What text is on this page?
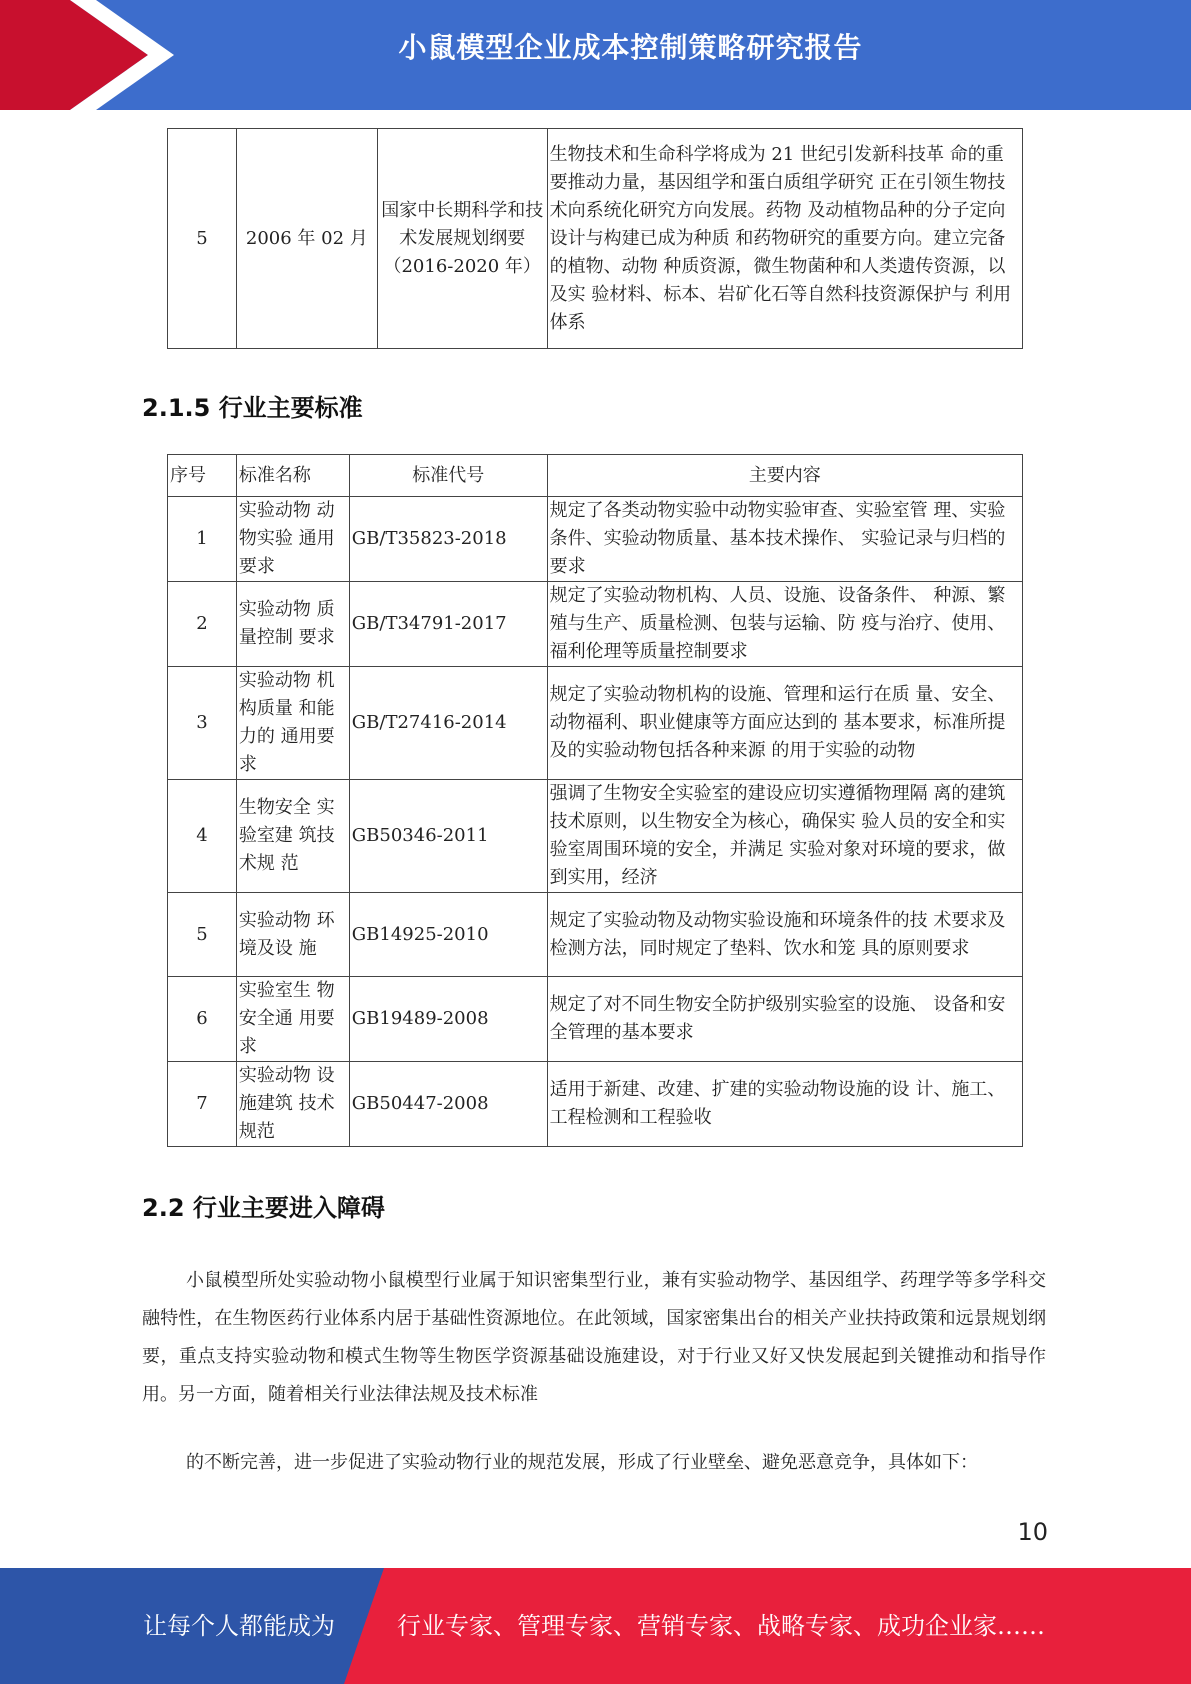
小鼠模型企业成本控制策略研究报告
5	2006 年 02 月	国家中长期科学和技术发展规划纲要 （2016-2020 年）	生物技术和生命科学将成为 21 世纪引发新科技革 命的重要推动力量，基因组学和蛋白质组学研究 正在引领生物技术向系统化研究方向发展。药物 及动植物品种的分子定向设计与构建已成为种质 和药物研究的重要方向。建立完备的植物、动物 种质资源，微生物菌种和人类遗传资源，以及实 验材料、标本、岩矿化石等自然科技资源保护与 利用体系
2.1.5 行业主要标准
序号	标准名称	标准代号	主要内容
1	实验动物 动物实验 通用要求	GB/T35823-2018	规定了各类动物实验中动物实验审查、实验室管 理、实验条件、实验动物质量、基本技术操作、 实验记录与归档的要求
2	实验动物 质量控制 要求	GB/T34791-2017	规定了实验动物机构、人员、设施、设备条件、 种源、繁殖与生产、质量检测、包装与运输、防 疫与治疗、使用、福利伦理等质量控制要求
3	实验动物 机构质量 和能力的 通用要求	GB/T27416-2014	规定了实验动物机构的设施、管理和运行在质 量、安全、动物福利、职业健康等方面应达到的 基本要求，标准所提及的实验动物包括各种来源 的用于实验的动物
4	生物安全 实验室建 筑技术规 范	GB50346-2011	强调了生物安全实验室的建设应切实遵循物理隔 离的建筑技术原则，以生物安全为核心，确保实 验人员的安全和实验室周围环境的安全，并满足 实验对象对环境的要求，做到实用，经济
5	实验动物 环境及设 施	GB14925-2010	规定了实验动物及动物实验设施和环境条件的技 术要求及检测方法，同时规定了垫料、饮水和笼 具的原则要求
6	实验室生 物安全通 用要求	GB19489-2008	规定了对不同生物安全防护级别实验室的设施、 设备和安全管理的基本要求
7	实验动物 设施建筑 技术规范	GB50447-2008	适用于新建、改建、扩建的实验动物设施的设 计、施工、工程检测和工程验收
2.2 行业主要进入障碍
小鼠模型所处实验动物小鼠模型行业属于知识密集型行业，兼有实验动物学、基因组学、药理学等多学科交融特性，在生物医药行业体系内居于基础性资源地位。在此领域，国家密集出台的相关产业扶持政策和远景规划纲要，重点支持实验动物和模式生物等生物医学资源基础设施建设，对于行业又好又快发展起到关键推动和指导作用。另一方面，随着相关行业法律法规及技术标准
的不断完善，进一步促进了实验动物行业的规范发展，形成了行业壁垒、避免恶意竞争，具体如下：
10
让每个人都能成为	行业专家、管理专家、营销专家、战略专家、成功企业家……
